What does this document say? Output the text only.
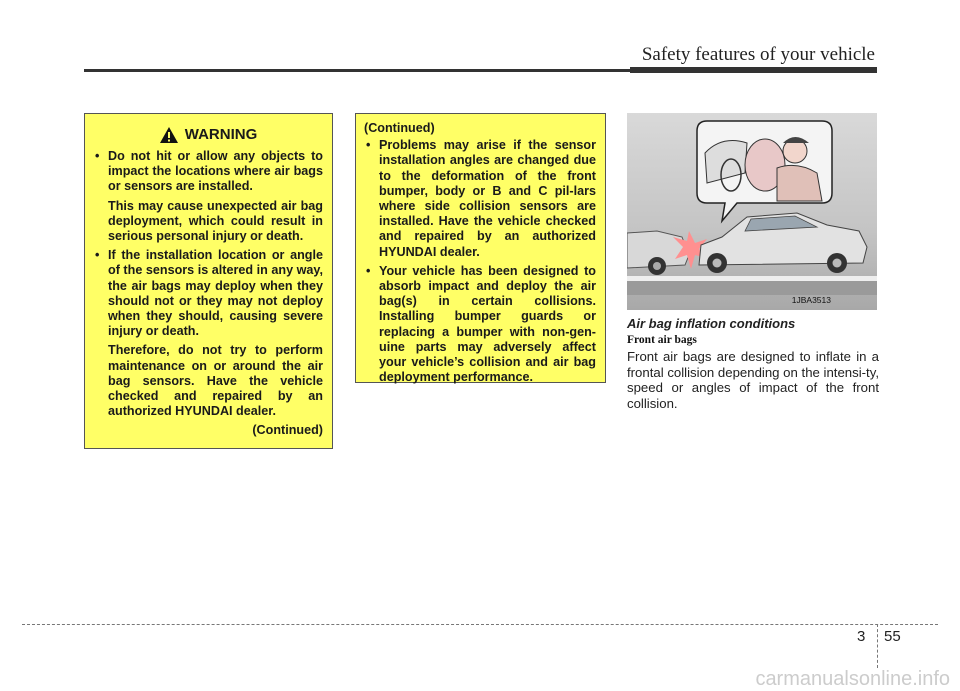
Safety features of your vehicle
WARNING
• Do not hit or allow any objects to impact the locations where air bags or sensors are installed.
This may cause unexpected air bag deployment, which could result in serious personal injury or death.
• If the installation location or angle of the sensors is altered in any way, the air bags may deploy when they should not or they may not deploy when they should, causing severe injury or death.
Therefore, do not try to perform maintenance on or around the air bag sensors. Have the vehicle checked and repaired by an authorized HYUNDAI dealer.
(Continued)
(Continued)
• Problems may arise if the sensor installation angles are changed due to the deformation of the front bumper, body or B and C pil-lars where side collision sensors are installed. Have the vehicle checked and repaired by an authorized HYUNDAI dealer.
• Your vehicle has been designed to absorb impact and deploy the air bag(s) in certain collisions. Installing bumper guards or replacing a bumper with non-gen-uine parts may adversely affect your vehicle’s collision and air bag deployment performance.
1JBA3513
Air bag inflation conditions
Front air bags
Front air bags are designed to inflate in a frontal collision depending on the intensi-ty, speed or angles of impact of the front collision.
3 55
carmanualsonline.info
